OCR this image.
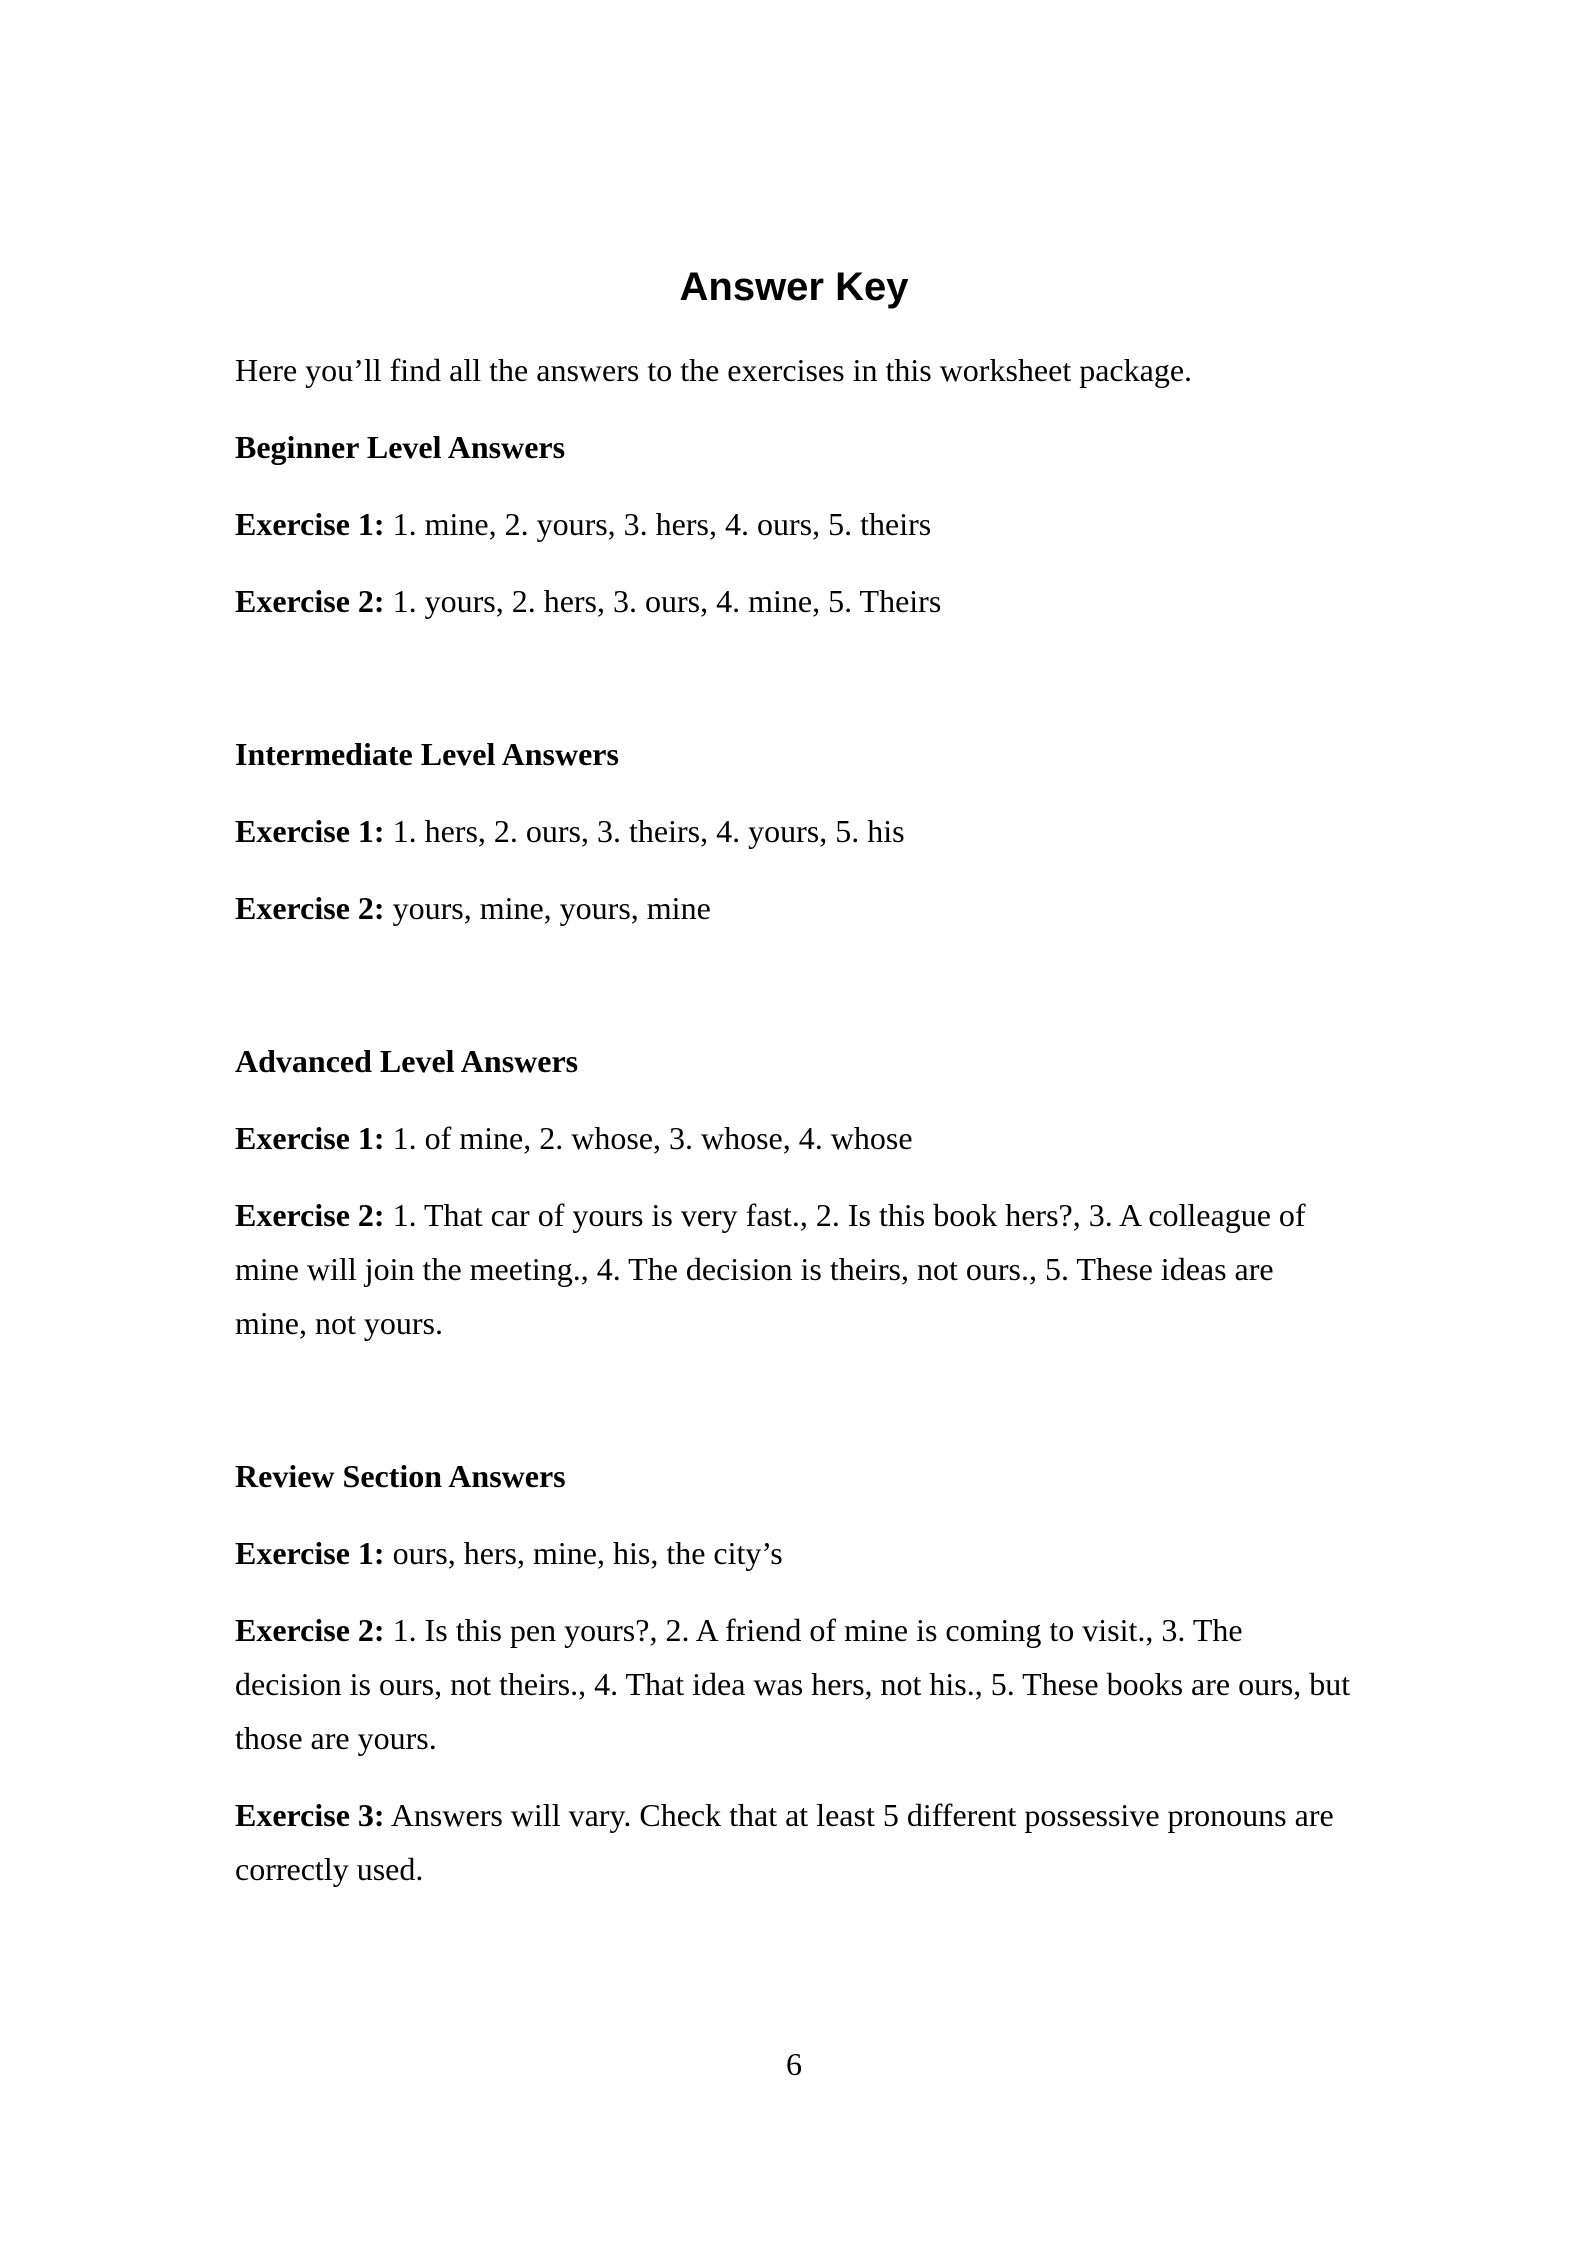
Answer Key

Here you’ll find all the answers to the exercises in this worksheet package.

Beginner Level Answers

Exercise 1: 1. mine, 2. yours, 3. hers, 4. ours, 5. theirs

Exercise 2: 1. yours, 2. hers, 3. ours, 4. mine, 5. Theirs

Intermediate Level Answers

Exercise 1: 1. hers, 2. ours, 3. theirs, 4. yours, 5. his

Exercise 2: yours, mine, yours, mine

Advanced Level Answers

Exercise 1: 1. of mine, 2. whose, 3. whose, 4. whose

Exercise 2: 1. That car of yours is very fast., 2. Is this book hers?, 3. A colleague of mine will join the meeting., 4. The decision is theirs, not ours., 5. These ideas are mine, not yours.

Review Section Answers

Exercise 1: ours, hers, mine, his, the city’s

Exercise 2: 1. Is this pen yours?, 2. A friend of mine is coming to visit., 3. The decision is ours, not theirs., 4. That idea was hers, not his., 5. These books are ours, but those are yours.

Exercise 3: Answers will vary. Check that at least 5 different possessive pronouns are correctly used.

6
